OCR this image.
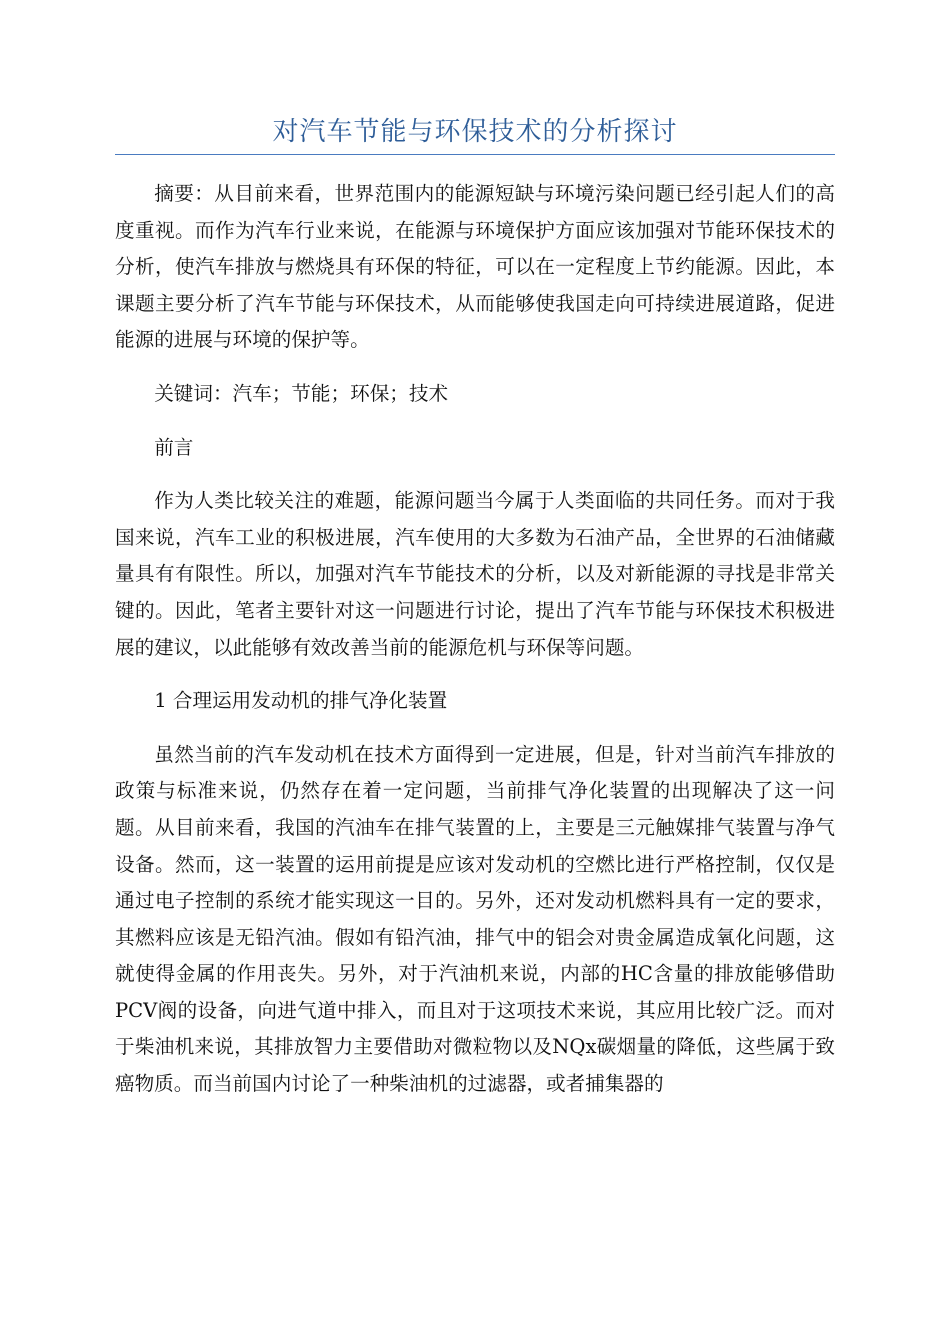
对汽车节能与环保技术的分析探讨

摘要：从目前来看，世界范围内的能源短缺与环境污染问题已经引起人们的高度重视。而作为汽车行业来说，在能源与环境保护方面应该加强对节能环保技术的分析，使汽车排放与燃烧具有环保的特征，可以在一定程度上节约能源。因此，本课题主要分析了汽车节能与环保技术，从而能够使我国走向可持续进展道路，促进能源的进展与环境的保护等。

关键词：汽车；节能；环保；技术

前言

作为人类比较关注的难题，能源问题当今属于人类面临的共同任务。而对于我国来说，汽车工业的积极进展，汽车使用的大多数为石油产品，全世界的石油储藏量具有有限性。所以，加强对汽车节能技术的分析，以及对新能源的寻找是非常关键的。因此，笔者主要针对这一问题进行讨论，提出了汽车节能与环保技术积极进展的建议，以此能够有效改善当前的能源危机与环保等问题。

1 合理运用发动机的排气净化装置

虽然当前的汽车发动机在技术方面得到一定进展，但是，针对当前汽车排放的政策与标准来说，仍然存在着一定问题，当前排气净化装置的出现解决了这一问题。从目前来看，我国的汽油车在排气装置的上，主要是三元触媒排气装置与净气设备。然而，这一装置的运用前提是应该对发动机的空燃比进行严格控制，仅仅是通过电子控制的系统才能实现这一目的。另外，还对发动机燃料具有一定的要求，其燃料应该是无铅汽油。假如有铅汽油，排气中的铝会对贵金属造成氧化问题，这就使得金属的作用丧失。另外，对于汽油机来说，内部的HC含量的排放能够借助PCV阀的设备，向进气道中排入，而且对于这项技术来说，其应用比较广泛。而对于柴油机来说，其排放智力主要借助对微粒物以及NQx碳烟量的降低，这些属于致癌物质。而当前国内讨论了一种柴油机的过滤器，或者捕集器的
